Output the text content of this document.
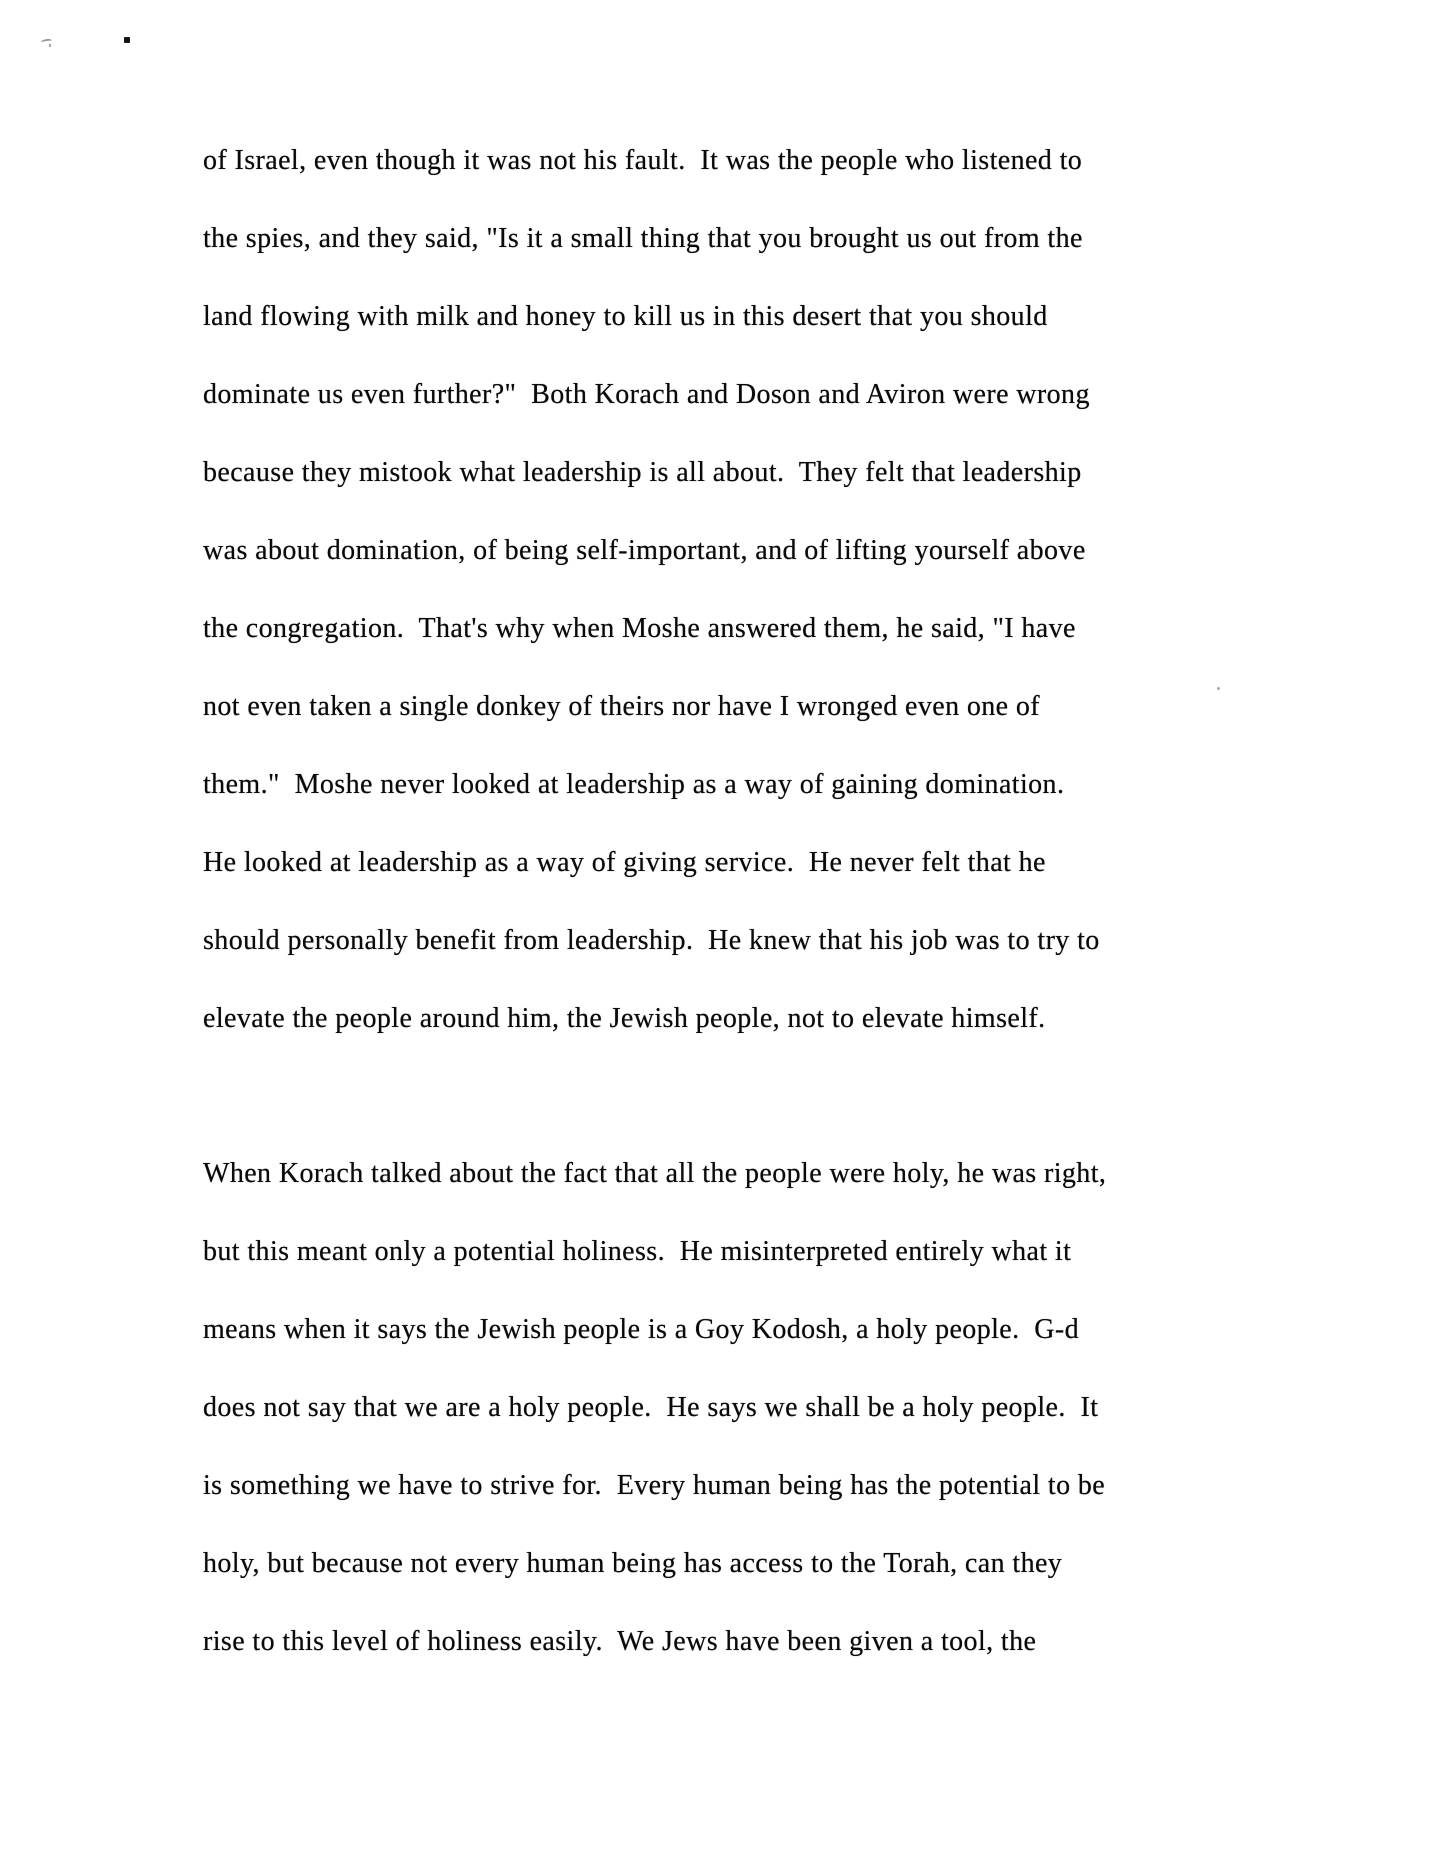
of Israel, even though it was not his fault.  It was the people who listened to
the spies, and they said, "Is it a small thing that you brought us out from the
land flowing with milk and honey to kill us in this desert that you should
dominate us even further?"  Both Korach and Doson and Aviron were wrong
because they mistook what leadership is all about.  They felt that leadership
was about domination, of being self-important, and of lifting yourself above
the congregation.  That's why when Moshe answered them, he said, "I have
not even taken a single donkey of theirs nor have I wronged even one of
them."  Moshe never looked at leadership as a way of gaining domination.
He looked at leadership as a way of giving service.  He never felt that he
should personally benefit from leadership.  He knew that his job was to try to
elevate the people around him, the Jewish people, not to elevate himself.
When Korach talked about the fact that all the people were holy, he was right,
but this meant only a potential holiness.  He misinterpreted entirely what it
means when it says the Jewish people is a Goy Kodosh, a holy people.  G-d
does not say that we are a holy people.  He says we shall be a holy people.  It
is something we have to strive for.  Every human being has the potential to be
holy, but because not every human being has access to the Torah, can they
rise to this level of holiness easily.  We Jews have been given a tool, the
